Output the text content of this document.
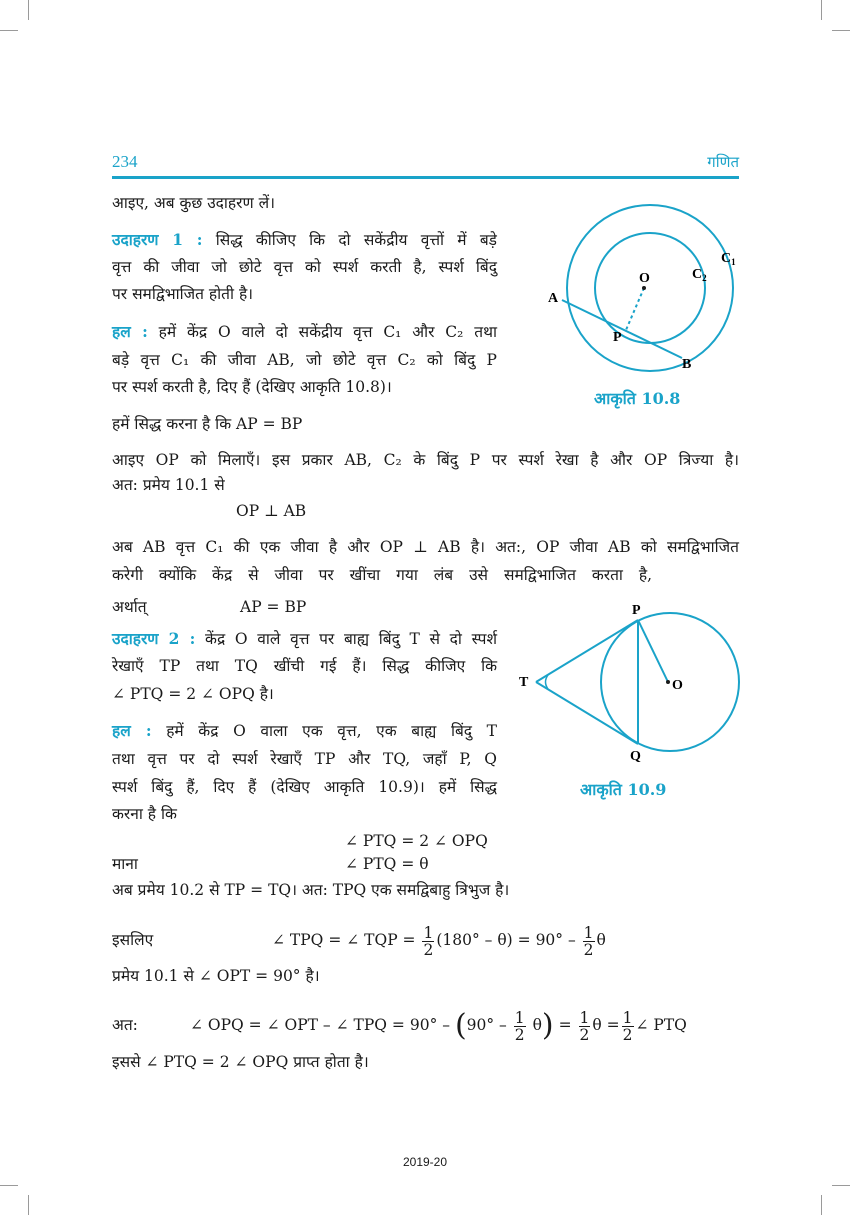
234	गणित
आइए, अब कुछ उदाहरण लें।
उदाहरण 1 : सिद्ध कीजिए कि दो सकेंद्रीय वृत्तों में बड़े
वृत्त की जीवा जो छोटे वृत्त को स्पर्श करती है, स्पर्श बिंदु
पर समद्विभाजित होती है।
हल : हमें केंद्र O वाले दो सकेंद्रीय वृत्त C₁ और C₂ तथा
बड़े वृत्त C₁ की जीवा AB, जो छोटे वृत्त C₂ को बिंदु P
पर स्पर्श करती है, दिए हैं (देखिए आकृति 10.8)।
हमें सिद्ध करना है कि AP = BP
आइए OP को मिलाएँ। इस प्रकार AB, C₂ के बिंदु P पर स्पर्श रेखा है और OP त्रिज्या है।
अत: प्रमेय 10.1 से
OP ⊥ AB
अब AB वृत्त C₁ की एक जीवा है और OP ⊥ AB है। अत:, OP जीवा AB को समद्विभाजित
करेगी क्योंकि केंद्र से जीवा पर खींचा गया लंब उसे समद्विभाजित करता है,
अर्थात्	AP = BP
उदाहरण 2 : केंद्र O वाले वृत्त पर बाह्य बिंदु T से दो स्पर्श
रेखाएँ TP तथा TQ खींची गई हैं। सिद्ध कीजिए कि
∠ PTQ = 2 ∠ OPQ है।
हल : हमें केंद्र O वाला एक वृत्त, एक बाह्य बिंदु T
तथा वृत्त पर दो स्पर्श रेखाएँ TP और TQ, जहाँ P, Q
स्पर्श बिंदु हैं, दिए हैं (देखिए आकृति 10.9)। हमें सिद्ध
करना है कि
∠ PTQ = 2 ∠ OPQ
माना	∠ PTQ = θ
अब प्रमेय 10.2 से TP = TQ। अत: TPQ एक समद्विबाहु त्रिभुज है।
इसलिए	∠ TPQ = ∠ TQP = $\frac{1}{2} (180^\circ - \theta) = 90^\circ - \frac{1}{2}$ θ
प्रमेय 10.1 से ∠ OPT = 90° है।
अत:	∠ OPQ = ∠ OPT – ∠ TPQ = $90^\circ - (90^\circ - \frac{1}{2} \theta) = \frac{1}{2}$ $\theta = \frac{1}{2}$ ∠ PTQ
इससे ∠ PTQ = 2 ∠ OPQ प्राप्त होता है।
O
$C_1$
$C_2$
A
P
B
आकृति 10.8
P
T	O
Q
आकृति 10.9
2019-20
